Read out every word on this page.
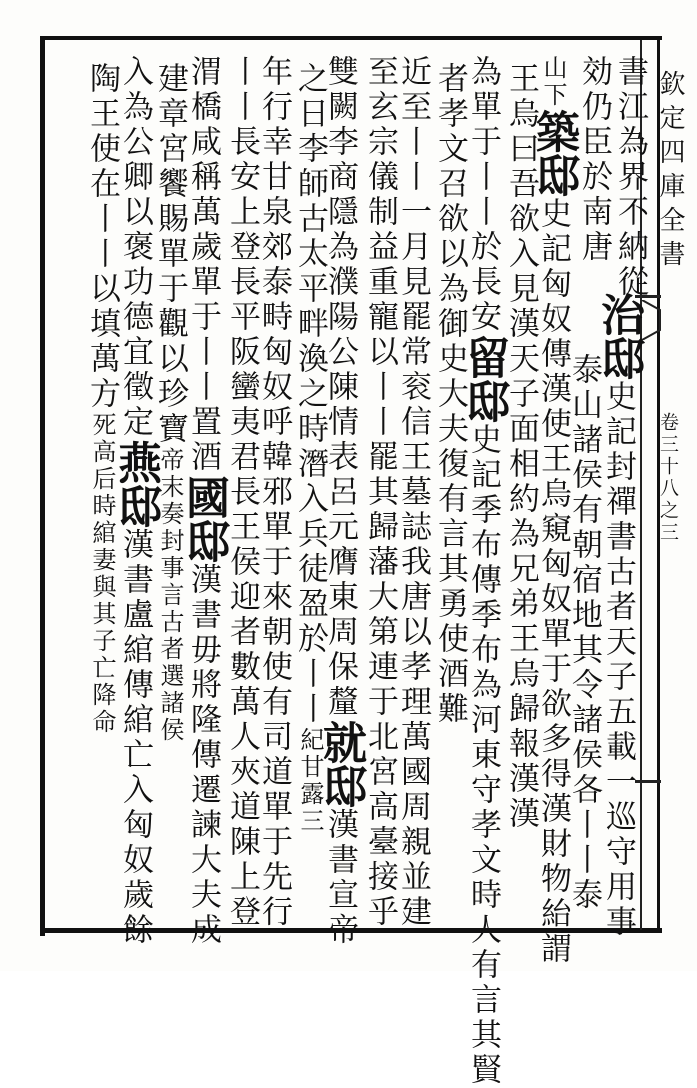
欽定四庫全書
卷三十八之三
書江為界不納從
効仍臣於南唐
山下築邸史記匈奴傳漢使王烏窺匈奴單于欲多得漢財物紿謂
王烏曰吾欲入見漢天子面相約為兄弟王烏歸報漢漢
為單于丨丨於長安留邸史記季布傳季布為河東守孝文時人有言其賢
者孝文召欲以為御史大夫復有言其勇使酒難
近至丨丨一月見罷常衮信王墓誌我唐以孝理萬國周親並建
至玄宗儀制益重寵以丨丨罷其歸藩大第連于北宮高臺接乎
雙闕李商隱為濮陽公陳情表呂元膺東周保釐就邸漢書宣帝
之日李師古太平畔渙之時潛入兵徒盈於丨丨紀甘露三
年行幸甘泉郊泰畤匈奴呼韓邪單于來朝使有司道單于先行
丨丨長安上登長平阪蠻夷君長王侯迎者數萬人夾道陳上登
渭橋咸稱萬歲單于丨丨置酒國邸漢書毋將隆傳遷諫大夫成
建章宮饗賜單于觀以珍寶帝末奏封事言古者選諸侯
入為公卿以褒功德宜徵定燕邸漢書盧綰傳綰亡入匈奴歲餘
陶王使在丨丨以填萬方死高后時綰妻與其子亡降命
治邸史記封禪書古者天子五載一巡守用事
泰山諸侯有朝宿地其令諸侯各丨丨泰
